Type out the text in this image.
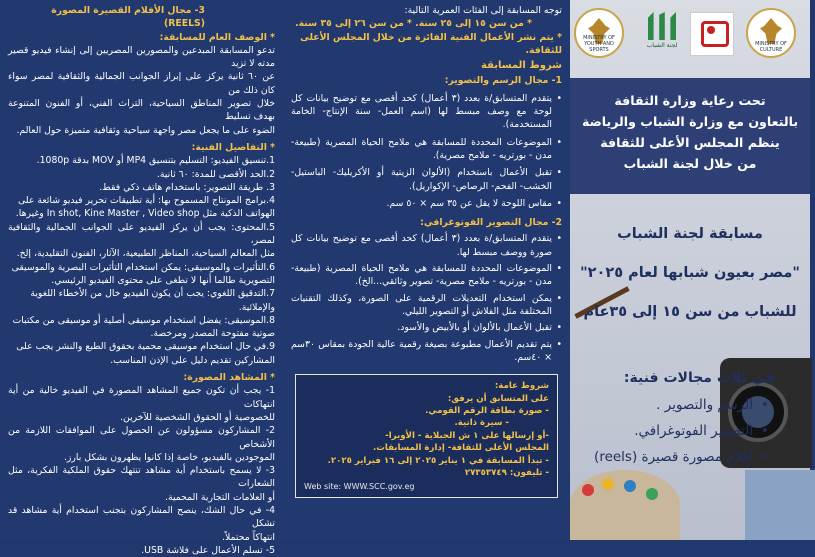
3- مجال الأفلام القصيرة المصورة (REELS)
* الوصف العام للمسابقة:
تدعو المسابقة المبدعين والمصورين المصريين إلى إنشاء فيديو قصير مدته لا تزيد
عن ٦٠ ثانية يركز على إبراز الجوانب الجمالية والثقافية لمصر سواء كان ذلك من
خلال تصوير المناطق السياحية، التراث الفني، أو الفنون المتنوعة بهدف تسليط
الضوء على ما يجعل مصر واجهة سياحية وثقافية متميزة حول العالم.
* التفاصيل الفنية:
1.تنسيق الفيديو: التسليم بتنسيق MP4 أو MOV بدقة 1080p.
2.الحد الأقصى للمدة: ٦٠ ثانية.
3. طريقة التصوير: باستخدام هاتف ذكي فقط.
4.برامج المونتاج المسموح بها: أية تطبيقات تحرير فيديو شائعة على
الهواتف الذكية مثل In shot, Kine Master , Video shop وغيرها.
5.المحتوى: يجب أن يركز الفيديو على الجوانب الجمالية والثقافية لمصر،
مثل المعالم السياحية، المناظر الطبيعية، الآثار، الفنون التقليدية، إلخ.
6.التأثيرات والموسيقى: يمكن استخدام التأثيرات البصرية والموسيقى
التصويرية طالما أنها لا تطغى على محتوى الفيديو الرئيسي.
7.التدقيق اللغوي: يجب أن يكون الفيديو خال من الأخطاء اللغوية
والإملائية.
8.الموسيقى: يفضل استخدام موسيقى أصلية أو موسيقى من مكتبات
صوتية مفتوحة المصدر ومرخصة.
9.في حال استخدام موسيقى محمية بحقوق الطبع والنشر يجب على
المشاركين تقديم دليل على الإذن المناسب.
* المشاهد المصورة:
1- يجب أن تكون جميع المشاهد المصورة في الفيديو خالية من أية انتهاكات
للخصوصية أو الحقوق الشخصية للآخرين.
2- المشاركون مسؤولون عن الحصول على الموافقات اللازمة من الأشخاص
الموجودين بالفيديو، خاصة إذا كانوا يظهرون بشكل بارز.
3- لا يسمح باستخدام أية مشاهد تنتهك حقوق الملكية الفكرية، مثل الشعارات
أو العلامات التجارية المحمية.
4- في حال الشك، ينصح المشاركون بتجنب استخدام أية مشاهد قد تشكل
انتهاكاً محتملاً.
5- تسلم الأعمال على فلاشة USB.
توجه المسابقة إلى الفئات العمرية التالية:
* من سن ١٥ إلى ٢٥ سنة. * من سن ٢٦ إلى ٣٥ سنة.
* يتم نشر الأعمال الفنية الفائزة من خلال المجلس الأعلى للثقافة.
شروط المسابقة
1- مجال الرسم والتصوير:
• يتقدم المتسابق/ة بعدد (٣ أعمال) كحد أقصى مع توضيح بيانات كل لوحة مع وصف مبسط لها (اسم العمل- سنة الإنتاج- الخامة المستخدمة).
• الموضوعات المحددة للمسابقة هي ملامح الحياة المصرية (طبيعة- مدن - بورتريه - ملامح مصرية).
• تقبل الأعمال باستخدام (الألوان الزيتية أو الأكريليك- الباستيل- الخشب- الفحم- الرصاص- الإكواريل).
• مقاس اللوحة لا يقل عن ٣٥ سم × ٥٠ سم.
2- مجال التصوير الفوتوغرافي:
• يتقدم المتسابق/ة بعدد (٣ أعمال) كحد أقصى مع توضيح بيانات كل صورة ووصف مبسط لها.
• الموضوعات المحددة للمسابقة هي ملامح الحياة المصرية (طبيعة- مدن - بورتريه - ملامح مصرية- تصوير وثائقي...الخ).
• يمكن استخدام التعديلات الرقمية على الصورة، وكذلك التقنيات المختلفة مثل الفلاش أو التصوير الليلي.
• تقبل الأعمال بالألوان أو بالأبيض والأسود.
• يتم تقديم الأعمال مطبوعة بصيغة رقمية عالية الجودة بمقاس ٣٠سم × ٤٠سم.
شروط عامة:
على المتسابق أن يرفق:
- صورة بطاقة الرقم القومي.
- سيرة ذاتية.
-أو إرسالها على ١ ش الجبلاية - الأوبرا-
المجلس الأعلى للثقافة- إدارة المسابقات.
- تبدأ المسابقة في ١ يناير ٢٠٢٥ إلى ١٦ فبراير ٢٠٢٥.
- تليفون: ٢٧٣٥٣٧٤٩
Web site: WWW.SCC.gov.eg
MINISTRY OF CULTURE
لجنة الشباب
MINISTRY OF YOUTH AND SPORTS
تحت رعاية وزارة الثقافة
بالتعاون مع وزارة الشباب والرياضة
ينظم المجلس الأعلى للثقافة
من خلال لجنة الشباب
مسابقة لجنة الشباب
"مصر بعيون شبابها لعام ٢٠٢٥"
للشباب من سن ١٥ إلى ٣٥عام
في ثلاث مجالات فنية:
• الرسم والتصوير .
• التصوير الفوتوغرافي.
• أفلام مصورة قصيرة (reels)
